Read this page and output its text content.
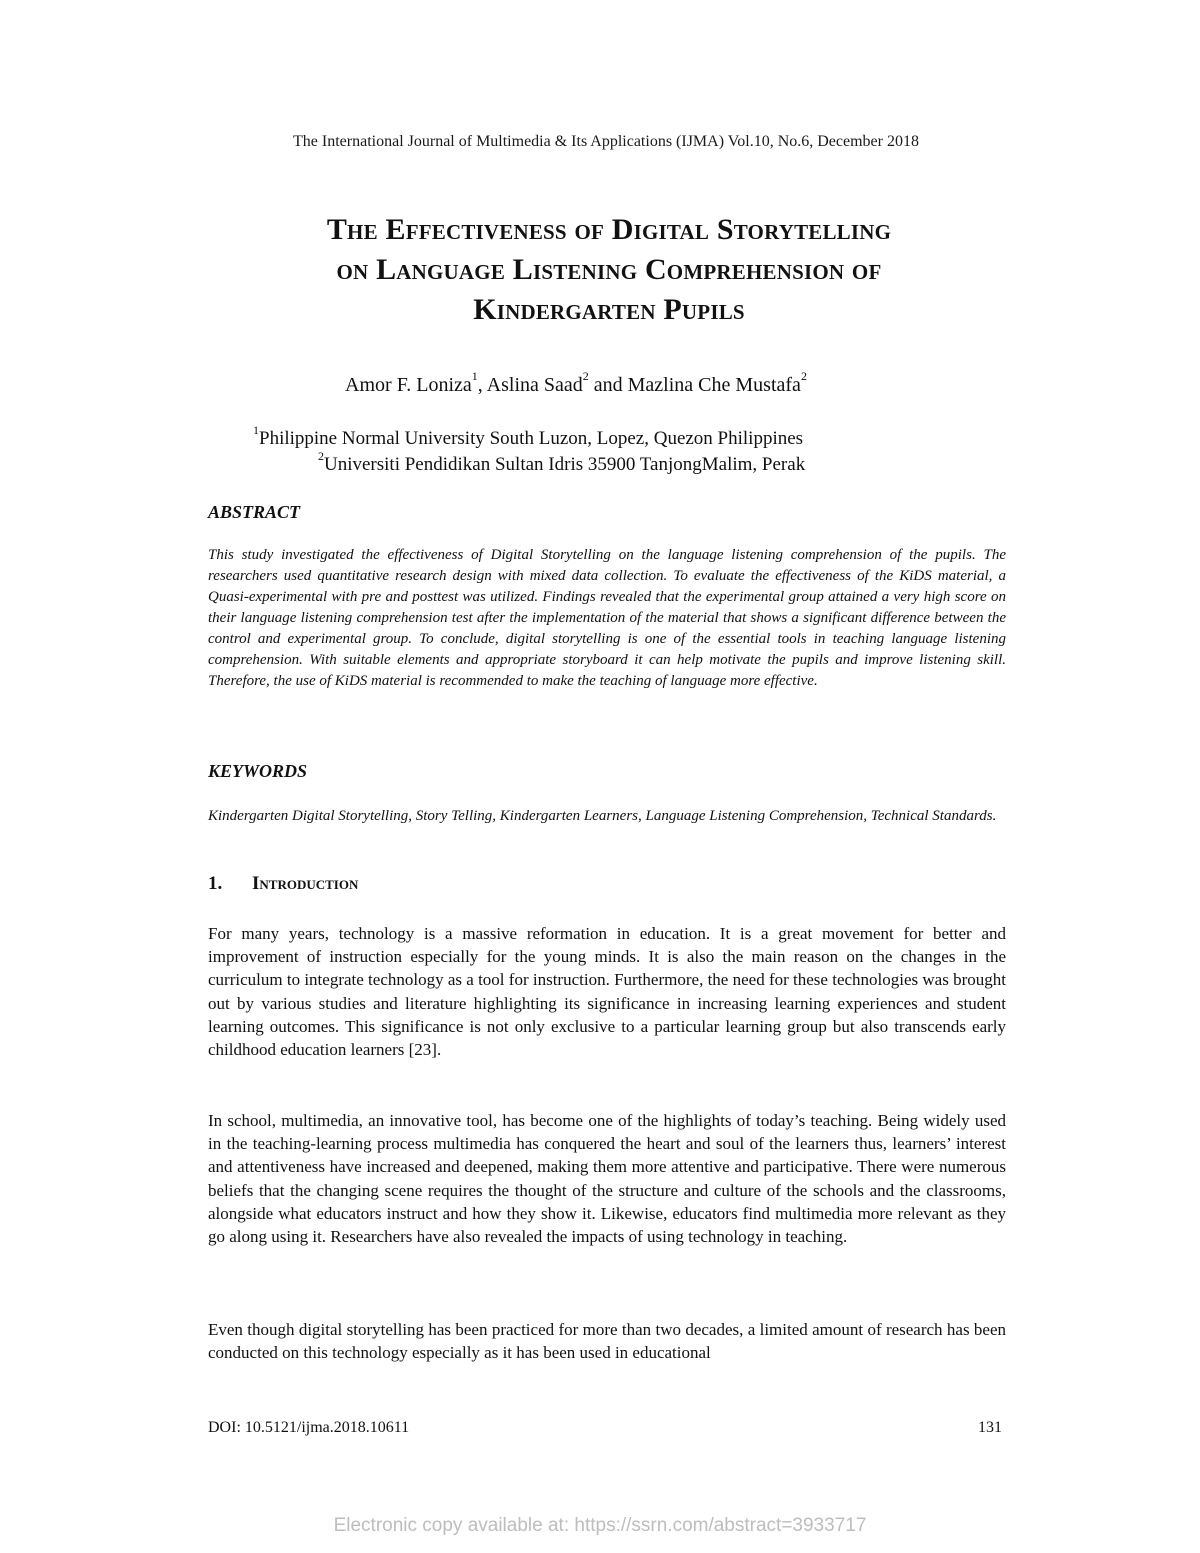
The International Journal of Multimedia & Its Applications (IJMA) Vol.10, No.6, December 2018
The Effectiveness of Digital Storytelling
on Language Listening Comprehension of
Kindergarten Pupils
Amor F. Loniza$^1$, Aslina Saad$^2$ and Mazlina Che Mustafa$^2$
$^1$Philippine Normal University South Luzon, Lopez, Quezon Philippines
$^2$Universiti Pendidikan Sultan Idris 35900 TanjongMalim, Perak
ABSTRACT
This study investigated the effectiveness of Digital Storytelling on the language listening comprehension of the pupils. The researchers used quantitative research design with mixed data collection. To evaluate the effectiveness of the KiDS material, a Quasi-experimental with pre and posttest was utilized. Findings revealed that the experimental group attained a very high score on their language listening comprehension test after the implementation of the material that shows a significant difference between the control and experimental group. To conclude, digital storytelling is one of the essential tools in teaching language listening comprehension. With suitable elements and appropriate storyboard it can help motivate the pupils and improve listening skill. Therefore, the use of KiDS material is recommended to make the teaching of language more effective.
KEYWORDS
Kindergarten Digital Storytelling, Story Telling, Kindergarten Learners, Language Listening Comprehension, Technical Standards.
1. Introduction
For many years, technology is a massive reformation in education. It is a great movement for better and improvement of instruction especially for the young minds. It is also the main reason on the changes in the curriculum to integrate technology as a tool for instruction. Furthermore, the need for these technologies was brought out by various studies and literature highlighting its significance in increasing learning experiences and student learning outcomes. This significance is not only exclusive to a particular learning group but also transcends early childhood education learners [23].
In school, multimedia, an innovative tool, has become one of the highlights of today’s teaching. Being widely used in the teaching-learning process multimedia has conquered the heart and soul of the learners thus, learners’ interest and attentiveness have increased and deepened, making them more attentive and participative. There were numerous beliefs that the changing scene requires the thought of the structure and culture of the schools and the classrooms, alongside what educators instruct and how they show it. Likewise, educators find multimedia more relevant as they go along using it. Researchers have also revealed the impacts of using technology in teaching.
Even though digital storytelling has been practiced for more than two decades, a limited amount of research has been conducted on this technology especially as it has been used in educational
DOI: 10.5121/ijma.2018.10611	131
Electronic copy available at: https://ssrn.com/abstract=3933717
